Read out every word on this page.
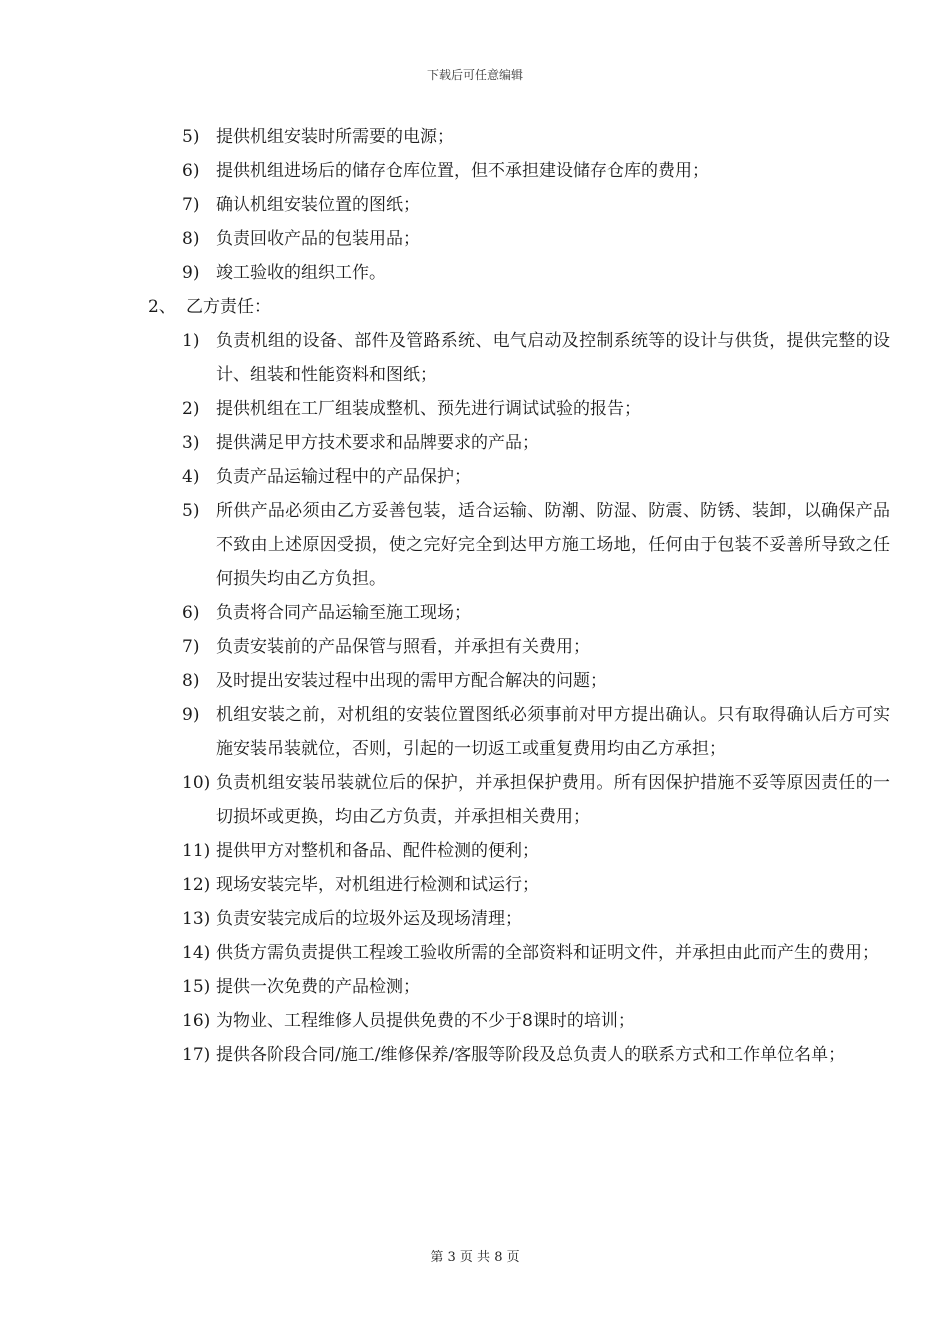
下载后可任意编辑
5) 提供机组安装时所需要的电源；
6) 提供机组进场后的储存仓库位置，但不承担建设储存仓库的费用；
7) 确认机组安装位置的图纸；
8) 负责回收产品的包装用品；
9) 竣工验收的组织工作。
2、 乙方责任：
1) 负责机组的设备、部件及管路系统、电气启动及控制系统等的设计与供货，提供完整的设计、组装和性能资料和图纸；
2) 提供机组在工厂组装成整机、预先进行调试试验的报告；
3) 提供满足甲方技术要求和品牌要求的产品；
4) 负责产品运输过程中的产品保护；
5) 所供产品必须由乙方妥善包装，适合运输、防潮、防湿、防震、防锈、装卸，以确保产品不致由上述原因受损，使之完好完全到达甲方施工场地，任何由于包装不妥善所导致之任何损失均由乙方负担。
6) 负责将合同产品运输至施工现场；
7) 负责安装前的产品保管与照看，并承担有关费用；
8) 及时提出安装过程中出现的需甲方配合解决的问题；
9) 机组安装之前，对机组的安装位置图纸必须事前对甲方提出确认。只有取得确认后方可实施安装吊装就位，否则，引起的一切返工或重复费用均由乙方承担；
10) 负责机组安装吊装就位后的保护，并承担保护费用。所有因保护措施不妥等原因责任的一切损坏或更换，均由乙方负责，并承担相关费用；
11) 提供甲方对整机和备品、配件检测的便利；
12) 现场安装完毕，对机组进行检测和试运行；
13) 负责安装完成后的垃圾外运及现场清理；
14) 供货方需负责提供工程竣工验收所需的全部资料和证明文件，并承担由此而产生的费用；
15) 提供一次免费的产品检测；
16) 为物业、工程维修人员提供免费的不少于8课时的培训；
17) 提供各阶段合同/施工/维修保养/客服等阶段及总负责人的联系方式和工作单位名单；
第 3 页 共 8 页
